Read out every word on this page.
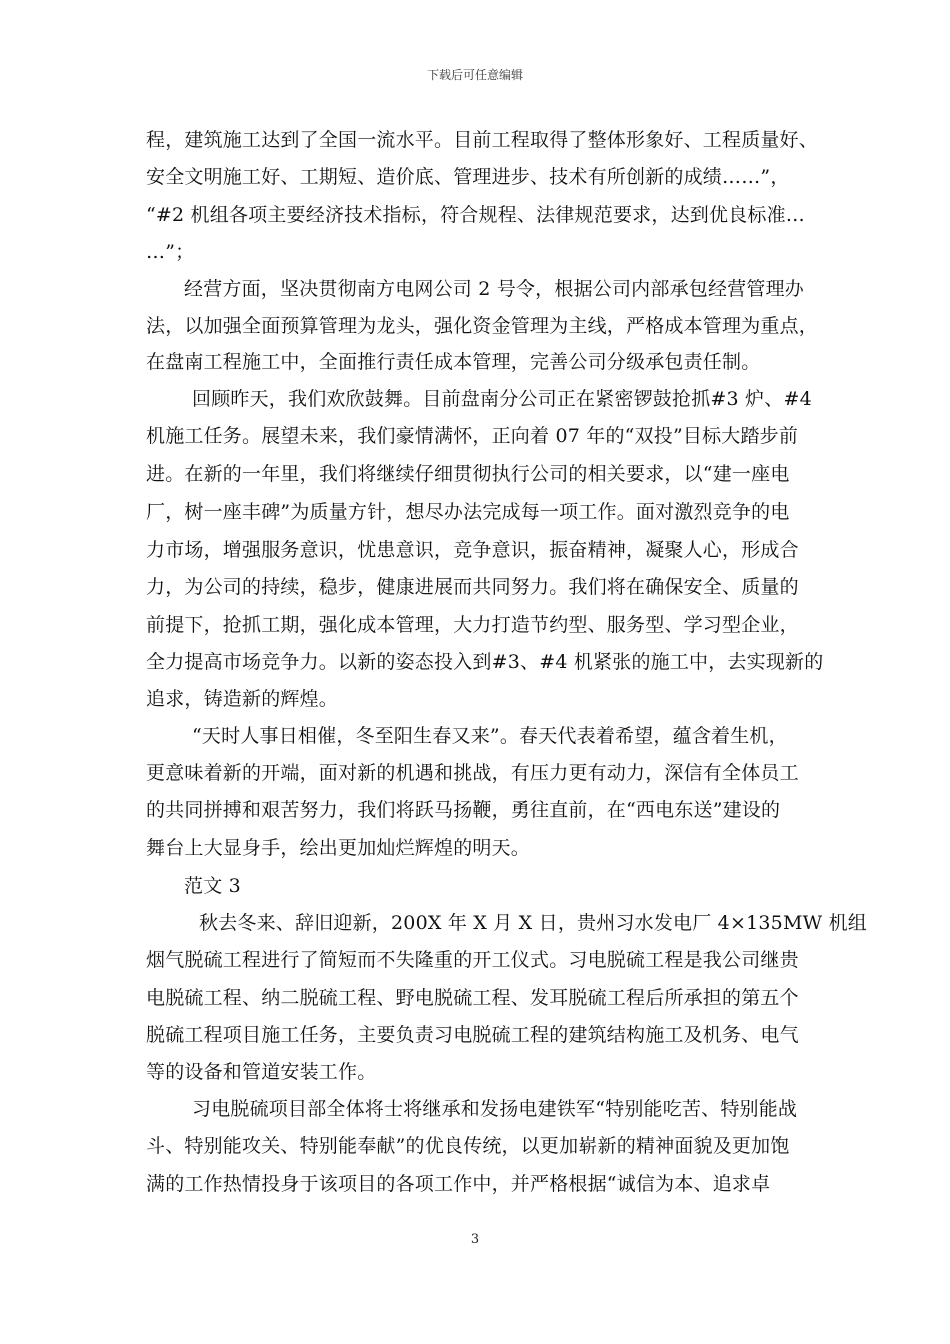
下载后可任意编辑
程，建筑施工达到了全国一流水平。目前工程取得了整体形象好、工程质量好、
安全文明施工好、工期短、造价底、管理进步、技术有所创新的成绩……”，
“#2 机组各项主要经济技术指标，符合规程、法律规范要求，达到优良标准…
…”；
经营方面，坚决贯彻南方电网公司 2 号令，根据公司内部承包经营管理办
法，以加强全面预算管理为龙头，强化资金管理为主线，严格成本管理为重点，
在盘南工程施工中，全面推行责任成本管理，完善公司分级承包责任制。
回顾昨天，我们欢欣鼓舞。目前盘南分公司正在紧密锣鼓抢抓#3 炉、#4
机施工任务。展望未来，我们豪情满怀，正向着 07 年的“双投”目标大踏步前
进。在新的一年里，我们将继续仔细贯彻执行公司的相关要求，以“建一座电
厂，树一座丰碑”为质量方针，想尽办法完成每一项工作。面对激烈竞争的电
力市场，增强服务意识，忧患意识，竞争意识，振奋精神，凝聚人心，形成合
力，为公司的持续，稳步，健康进展而共同努力。我们将在确保安全、质量的
前提下，抢抓工期，强化成本管理，大力打造节约型、服务型、学习型企业，
全力提高市场竞争力。以新的姿态投入到#3、#4 机紧张的施工中，去实现新的
追求，铸造新的辉煌。
“天时人事日相催，冬至阳生春又来”。春天代表着希望，蕴含着生机，
更意味着新的开端，面对新的机遇和挑战，有压力更有动力，深信有全体员工
的共同拼搏和艰苦努力，我们将跃马扬鞭，勇往直前，在“西电东送”建设的
舞台上大显身手，绘出更加灿烂辉煌的明天。
范文 3
秋去冬来、辞旧迎新，200X 年 X 月 X 日，贵州习水发电厂 4×135MW 机组
烟气脱硫工程进行了简短而不失隆重的开工仪式。习电脱硫工程是我公司继贵
电脱硫工程、纳二脱硫工程、野电脱硫工程、发耳脱硫工程后所承担的第五个
脱硫工程项目施工任务，主要负责习电脱硫工程的建筑结构施工及机务、电气
等的设备和管道安装工作。
习电脱硫项目部全体将士将继承和发扬电建铁军“特别能吃苦、特别能战
斗、特别能攻关、特别能奉献”的优良传统，以更加崭新的精神面貌及更加饱
满的工作热情投身于该项目的各项工作中，并严格根据“诚信为本、追求卓
3
